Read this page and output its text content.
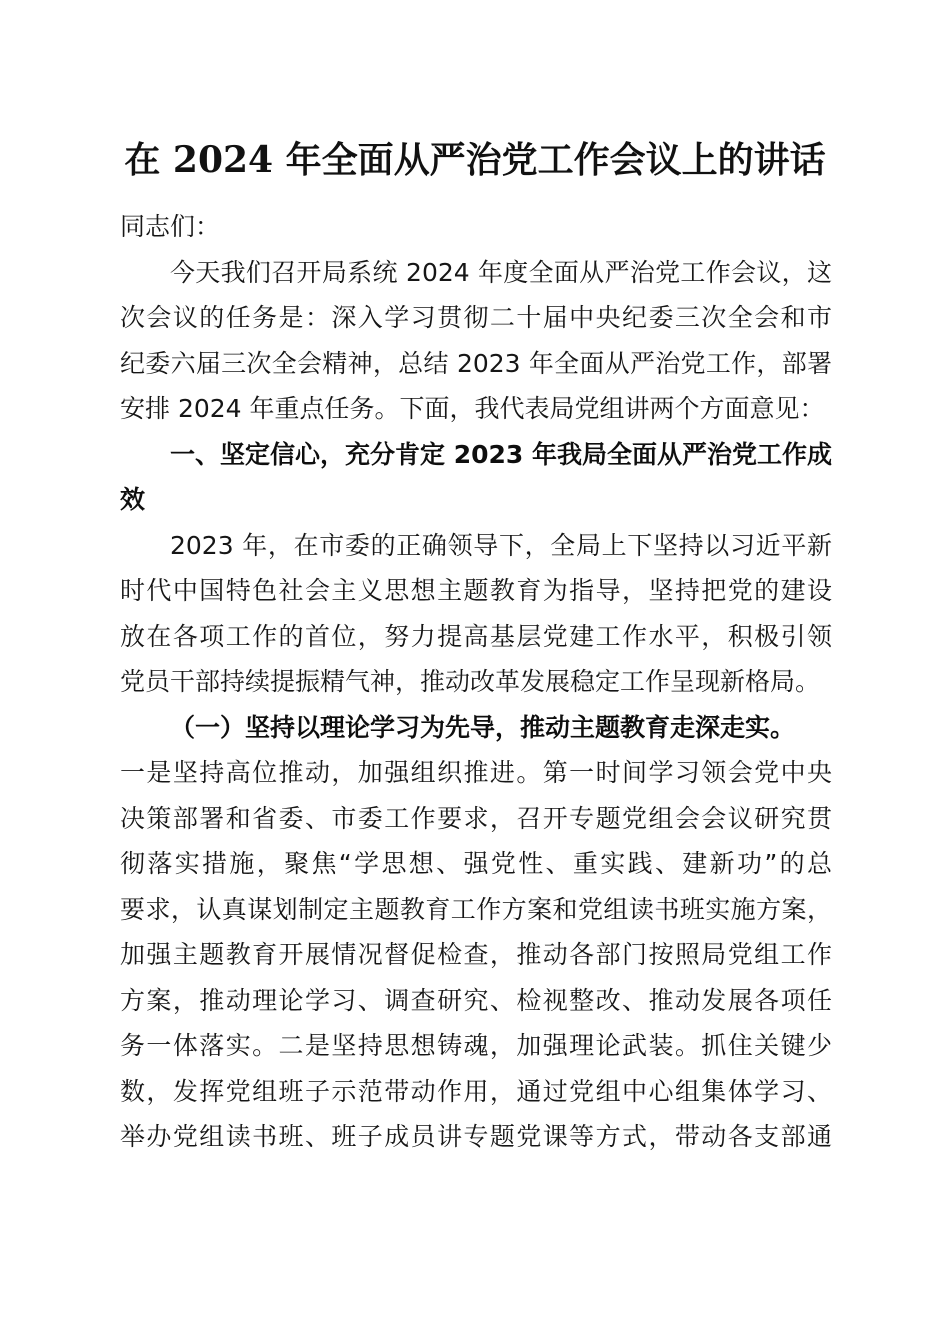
在 2024 年全面从严治党工作会议上的讲话
同志们：
今天我们召开局系统 2024 年度全面从严治党工作会议，这
次会议的任务是：深入学习贯彻二十届中央纪委三次全会和市
纪委六届三次全会精神，总结 2023 年全面从严治党工作，部署
安排 2024 年重点任务。下面，我代表局党组讲两个方面意见：
一、坚定信心，充分肯定 2023 年我局全面从严治党工作成
效
2023 年，在市委的正确领导下，全局上下坚持以习近平新
时代中国特色社会主义思想主题教育为指导，坚持把党的建设
放在各项工作的首位，努力提高基层党建工作水平，积极引领
党员干部持续提振精气神，推动改革发展稳定工作呈现新格局。
（一）坚持以理论学习为先导，推动主题教育走深走实。
一是坚持高位推动，加强组织推进。第一时间学习领会党中央
决策部署和省委、市委工作要求，召开专题党组会会议研究贯
彻落实措施，聚焦“学思想、强党性、重实践、建新功”的总
要求，认真谋划制定主题教育工作方案和党组读书班实施方案，
加强主题教育开展情况督促检查，推动各部门按照局党组工作
方案，推动理论学习、调查研究、检视整改、推动发展各项任
务一体落实。二是坚持思想铸魂，加强理论武装。抓住关键少
数，发挥党组班子示范带动作用，通过党组中心组集体学习、
举办党组读书班、班子成员讲专题党课等方式，带动各支部通
